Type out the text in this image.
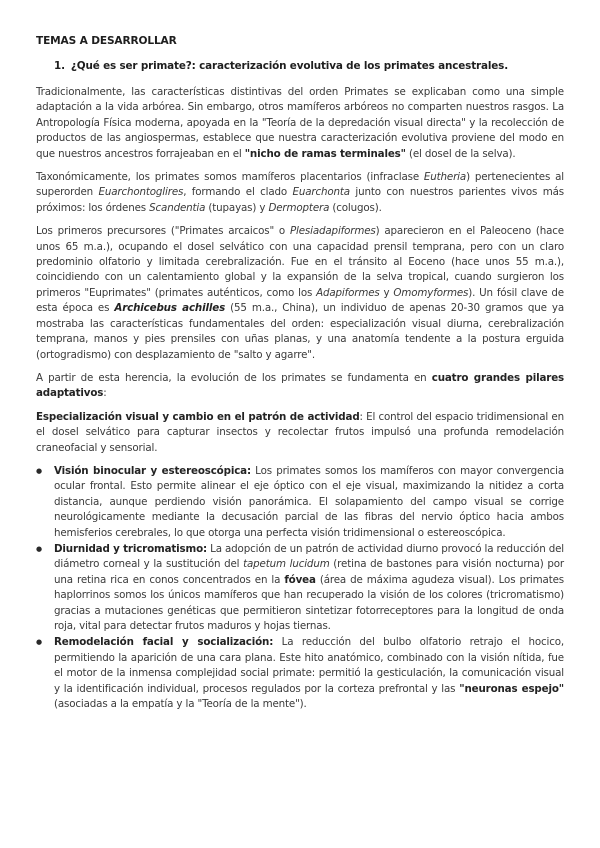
TEMAS A DESARROLLAR
1. ¿Qué es ser primate?: caracterización evolutiva de los primates ancestrales.

Tradicionalmente, las características distintivas del orden Primates se explicaban como una simple adaptación a la vida arbórea. Sin embargo, otros mamíferos arbóreos no comparten nuestros rasgos. La Antropología Física moderna, apoyada en la "Teoría de la depredación visual directa" y la recolección de productos de las angiospermas, establece que nuestra caracterización evolutiva proviene del modo en que nuestros ancestros forrajeaban en el "nicho de ramas terminales" (el dosel de la selva).

Taxonómicamente, los primates somos mamíferos placentarios (infraclase Eutheria) pertenecientes al superorden Euarchontoglires, formando el clado Euarchonta junto con nuestros parientes vivos más próximos: los órdenes Scandentia (tupayas) y Dermoptera (colugos).

Los primeros precursores ("Primates arcaicos" o Plesiadapiformes) aparecieron en el Paleoceno (hace unos 65 m.a.), ocupando el dosel selvático con una capacidad prensil temprana, pero con un claro predominio olfatorio y limitada cerebralización. Fue en el tránsito al Eoceno (hace unos 55 m.a.), coincidiendo con un calentamiento global y la expansión de la selva tropical, cuando surgieron los primeros "Euprimates" (primates auténticos, como los Adapiformes y Omomyformes). Un fósil clave de esta época es Archicebus achilles (55 m.a., China), un individuo de apenas 20-30 gramos que ya mostraba las características fundamentales del orden: especialización visual diurna, cerebralización temprana, manos y pies prensiles con uñas planas, y una anatomía tendente a la postura erguida (ortogradismo) con desplazamiento de "salto y agarre".

A partir de esta herencia, la evolución de los primates se fundamenta en cuatro grandes pilares adaptativos:

Especialización visual y cambio en el patrón de actividad: El control del espacio tridimensional en el dosel selvático para capturar insectos y recolectar frutos impulsó una profunda remodelación craneofacial y sensorial.

● Visión binocular y estereoscópica: Los primates somos los mamíferos con mayor convergencia ocular frontal. Esto permite alinear el eje óptico con el eje visual, maximizando la nitidez a corta distancia, aunque perdiendo visión panorámica. El solapamiento del campo visual se corrige neurológicamente mediante la decusación parcial de las fibras del nervio óptico hacia ambos hemisferios cerebrales, lo que otorga una perfecta visión tridimensional o estereoscópica.
● Diurnidad y tricromatismo: La adopción de un patrón de actividad diurno provocó la reducción del diámetro corneal y la sustitución del tapetum lucidum (retina de bastones para visión nocturna) por una retina rica en conos concentrados en la fóvea (área de máxima agudeza visual). Los primates haplorrinos somos los únicos mamíferos que han recuperado la visión de los colores (tricromatismo) gracias a mutaciones genéticas que permitieron sintetizar fotorreceptores para la longitud de onda roja, vital para detectar frutos maduros y hojas tiernas.
● Remodelación facial y socialización: La reducción del bulbo olfatorio retrajo el hocico, permitiendo la aparición de una cara plana. Este hito anatómico, combinado con la visión nítida, fue el motor de la inmensa complejidad social primate: permitió la gesticulación, la comunicación visual y la identificación individual, procesos regulados por la corteza prefrontal y las "neuronas espejo" (asociadas a la empatía y la "Teoría de la mente").
